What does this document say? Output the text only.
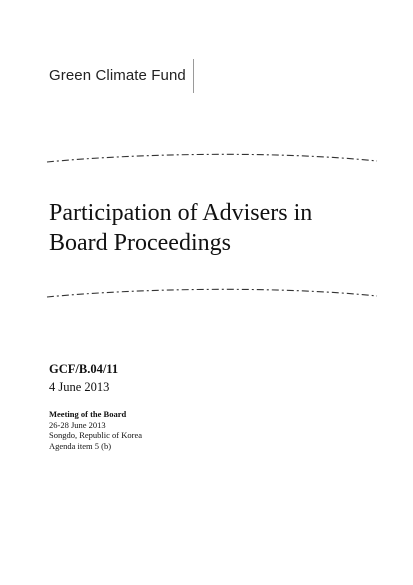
Green Climate Fund
Participation of Advisers in
Board Proceedings
GCF/B.04/11
4 June 2013
Meeting of the Board
26-28 June 2013
Songdo, Republic of Korea
Agenda item 5 (b)
